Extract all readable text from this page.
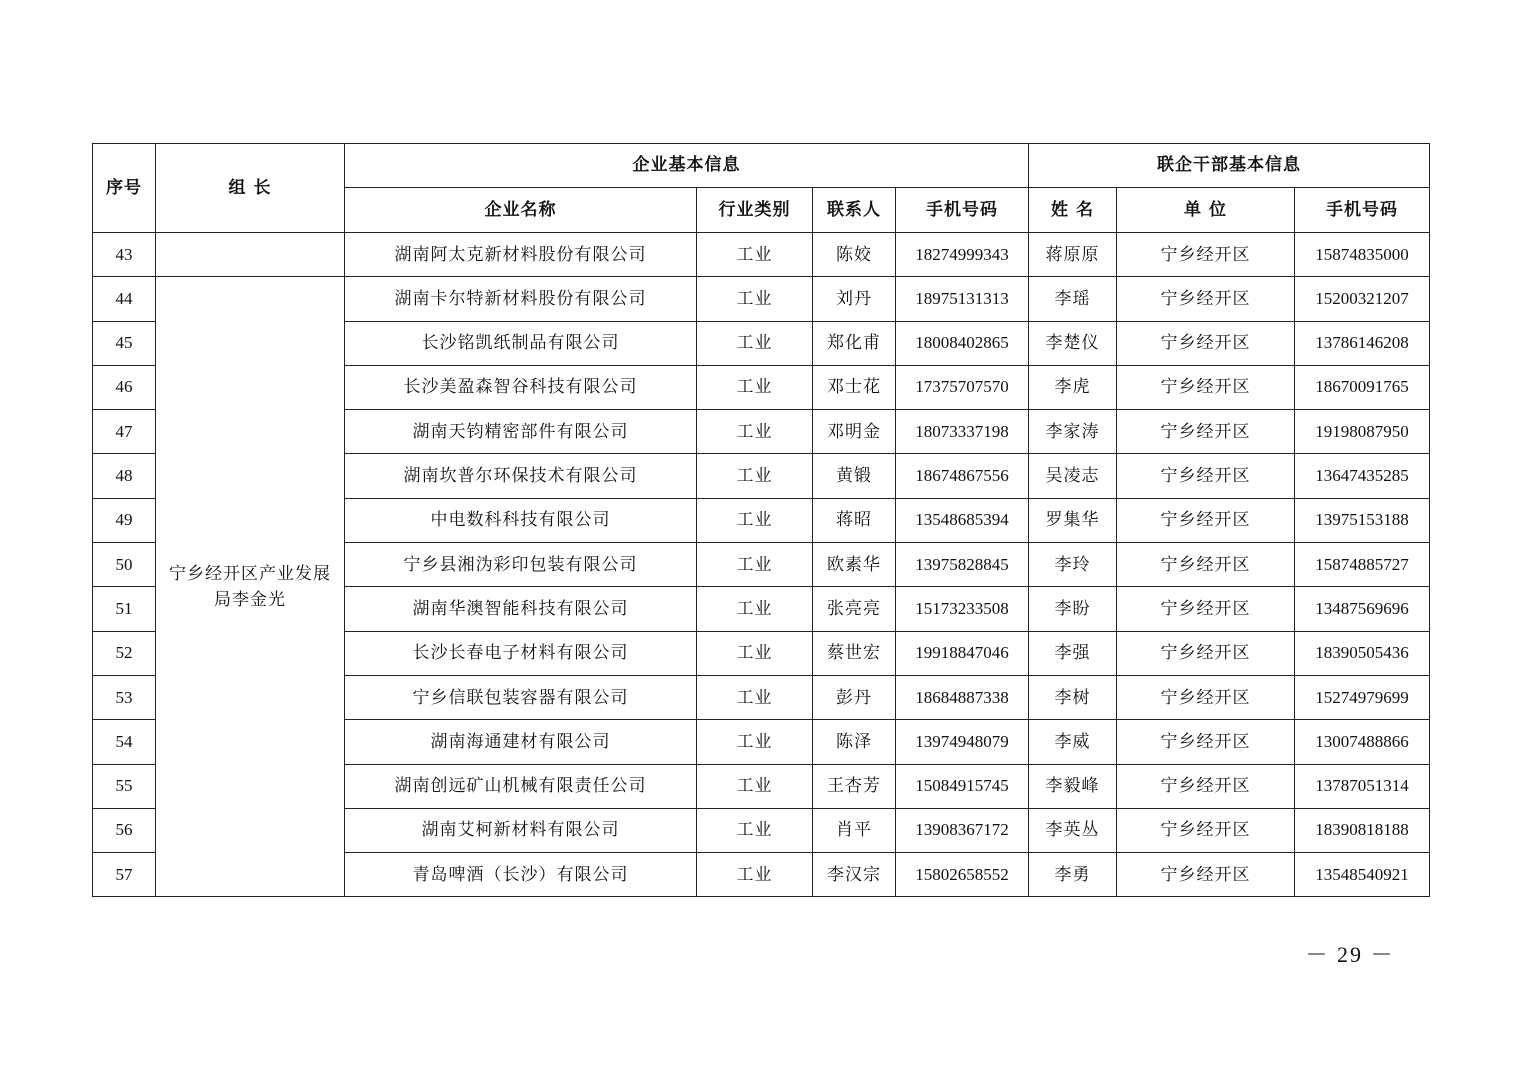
序号	组 长	企业基本信息				联企干部基本信息		
		企业名称	行业类别	联系人	手机号码	姓 名	单 位	手机号码
43		湖南阿太克新材料股份有限公司	工业	陈姣	18274999343	蒋原原	宁乡经开区	15874835000
44	宁乡经开区产业发展局李金光	湖南卡尔特新材料股份有限公司	工业	刘丹	18975131313	李瑶	宁乡经开区	15200321207
45		长沙铭凯纸制品有限公司	工业	郑化甫	18008402865	李楚仪	宁乡经开区	13786146208
46		长沙美盈森智谷科技有限公司	工业	邓士花	17375707570	李虎	宁乡经开区	18670091765
47		湖南天钧精密部件有限公司	工业	邓明金	18073337198	李家涛	宁乡经开区	19198087950
48		湖南坎普尔环保技术有限公司	工业	黄锻	18674867556	吴凌志	宁乡经开区	13647435285
49		中电数科科技有限公司	工业	蒋昭	13548685394	罗集华	宁乡经开区	13975153188
50		宁乡县湘沩彩印包装有限公司	工业	欧素华	13975828845	李玲	宁乡经开区	15874885727
51		湖南华澳智能科技有限公司	工业	张亮亮	15173233508	李盼	宁乡经开区	13487569696
52		长沙长春电子材料有限公司	工业	蔡世宏	19918847046	李强	宁乡经开区	18390505436
53		宁乡信联包装容器有限公司	工业	彭丹	18684887338	李树	宁乡经开区	15274979699
54		湖南海通建材有限公司	工业	陈泽	13974948079	李威	宁乡经开区	13007488866
55		湖南创远矿山机械有限责任公司	工业	王杏芳	15084915745	李毅峰	宁乡经开区	13787051314
56		湖南艾柯新材料有限公司	工业	肖平	13908367172	李英丛	宁乡经开区	18390818188
57		青岛啤酒（长沙）有限公司	工业	李汉宗	15802658552	李勇	宁乡经开区	13548540921
－ 29 －
